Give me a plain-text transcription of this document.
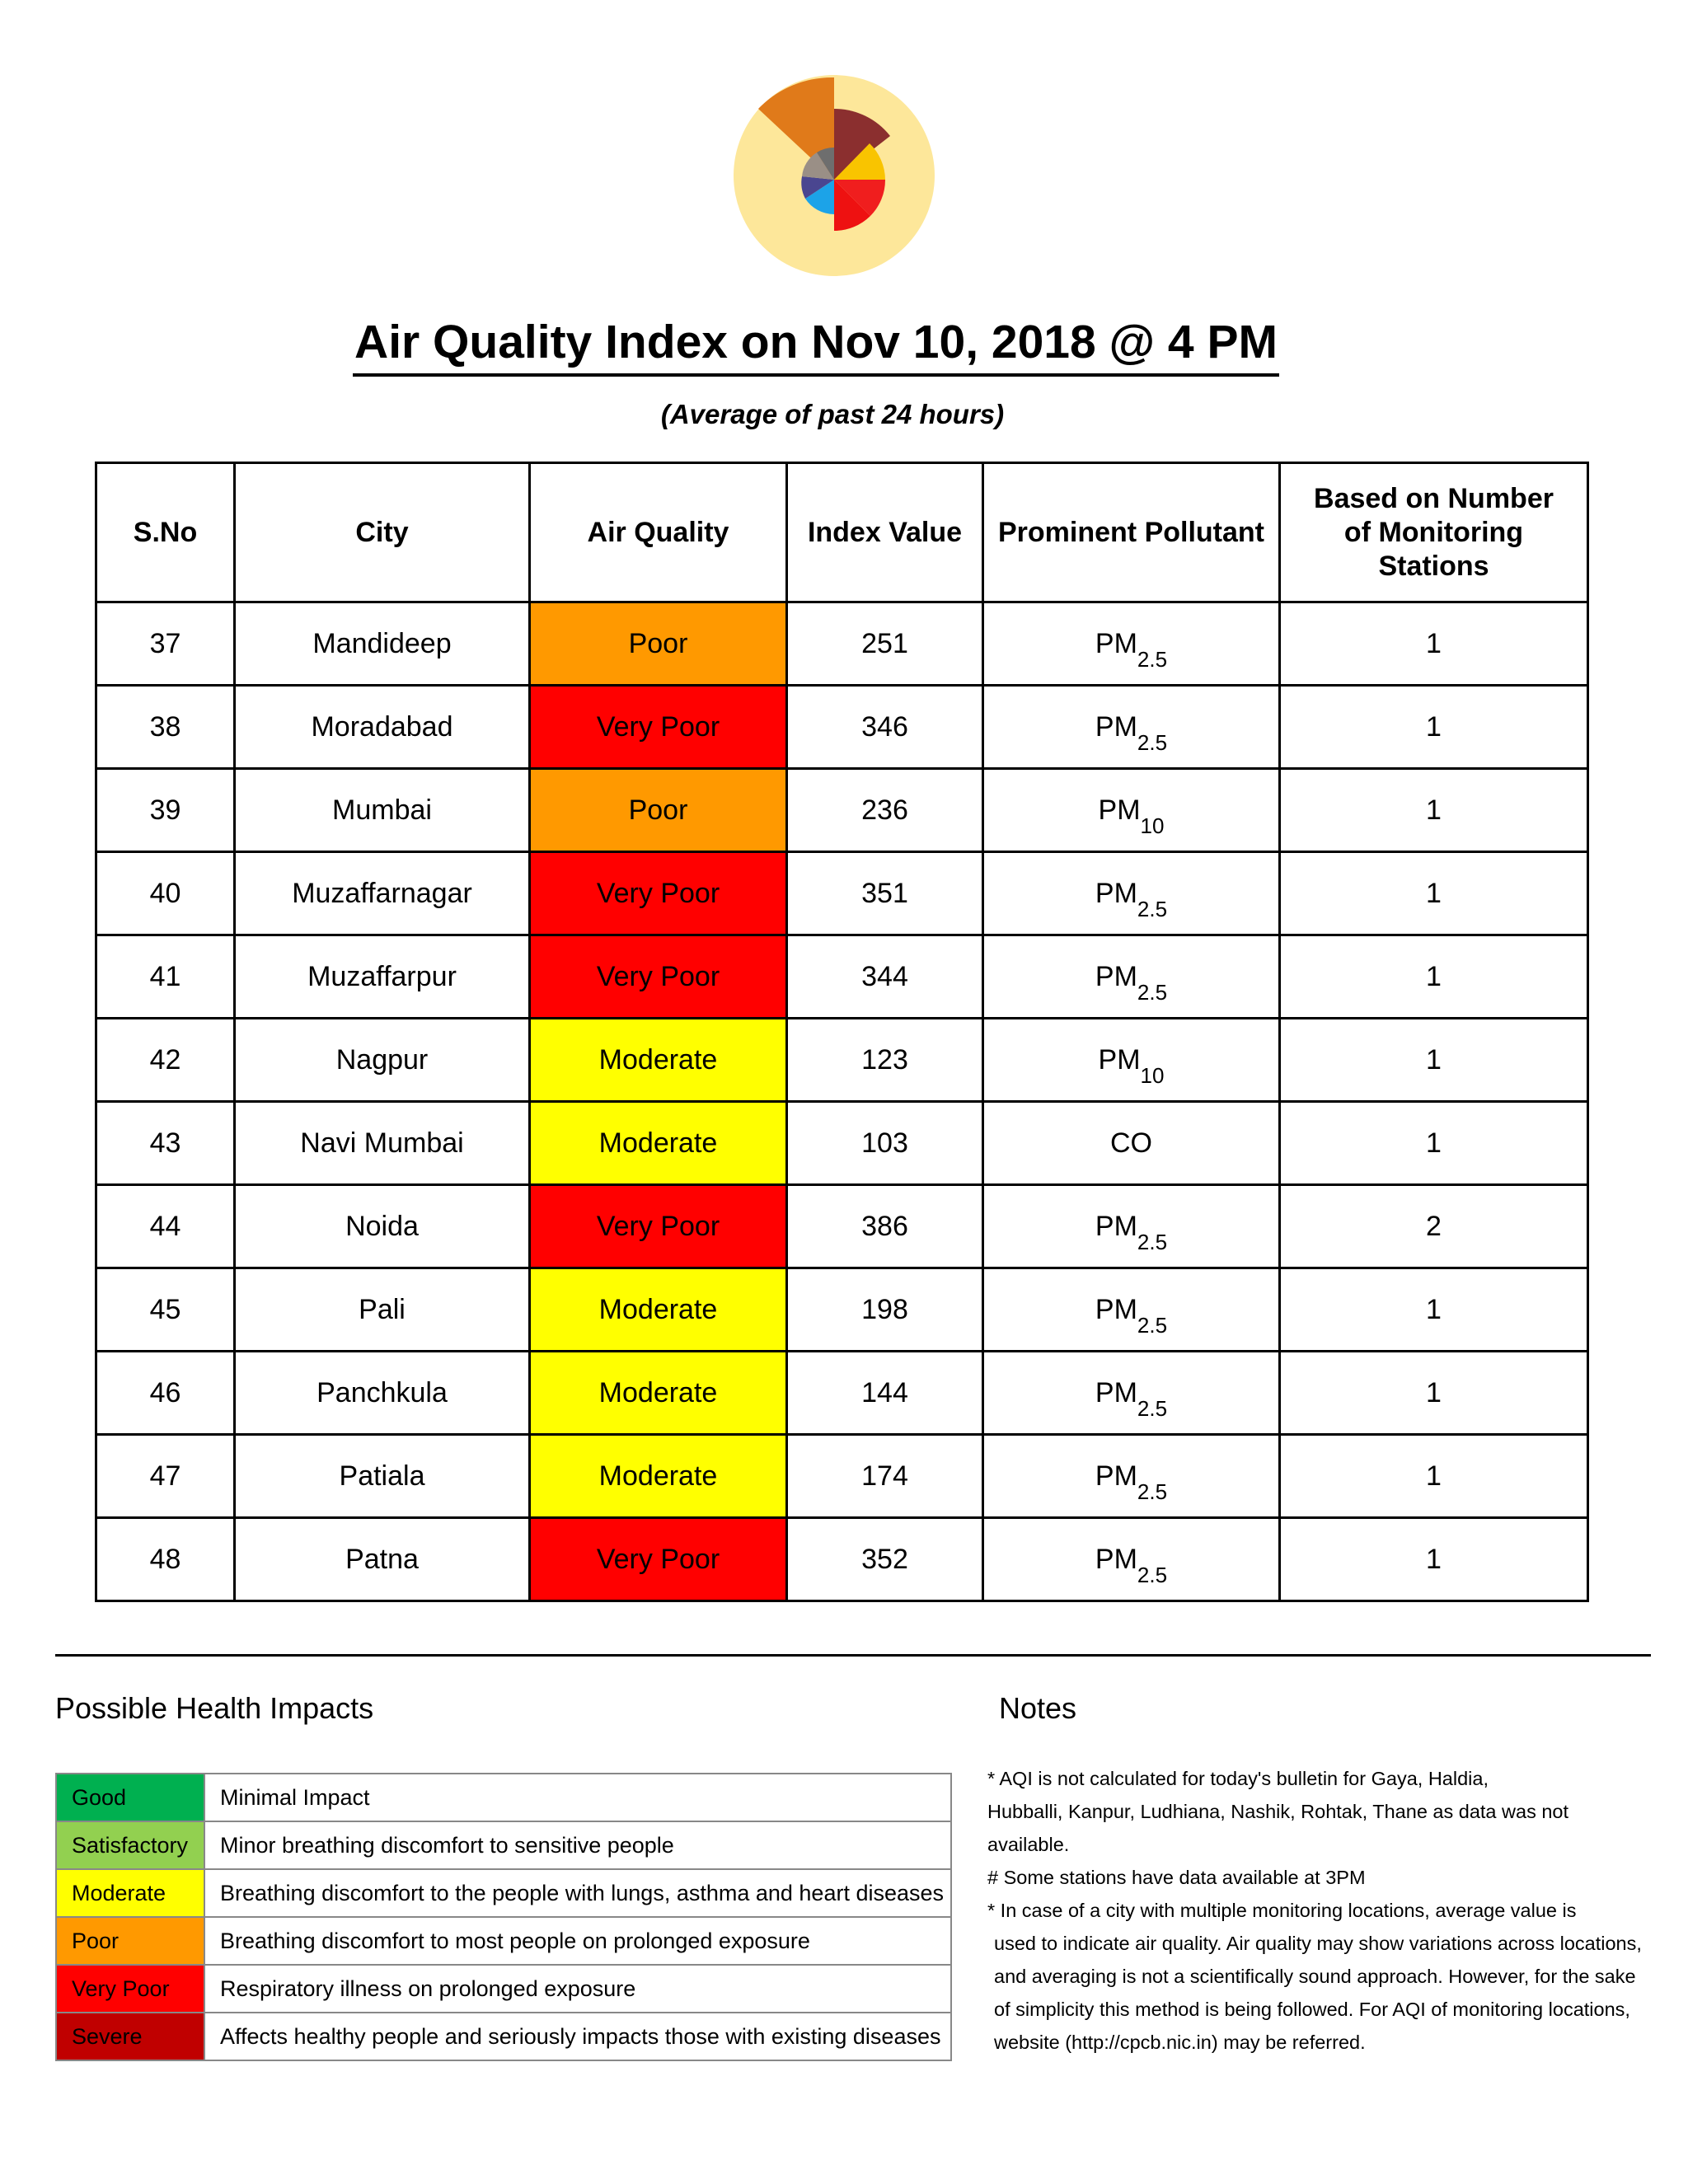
Air Quality Index on Nov 10, 2018 @ 4 PM
(Average of past 24 hours)
S.No	City	Air Quality	Index Value	Prominent Pollutant	Based on Number of Monitoring Stations
37	Mandideep	Poor	251	$PM_{2.5}$	1
38	Moradabad	Very Poor	346	$PM_{2.5}$	1
39	Mumbai	Poor	236	$PM_{10}$	1
40	Muzaffarnagar	Very Poor	351	$PM_{2.5}$	1
41	Muzaffarpur	Very Poor	344	$PM_{2.5}$	1
42	Nagpur	Moderate	123	$PM_{10}$	1
43	Navi Mumbai	Moderate	103	CO	1
44	Noida	Very Poor	386	$PM_{2.5}$	2
45	Pali	Moderate	198	$PM_{2.5}$	1
46	Panchkula	Moderate	144	$PM_{2.5}$	1
47	Patiala	Moderate	174	$PM_{2.5}$	1
48	Patna	Very Poor	352	$PM_{2.5}$	1
Possible Health Impacts	Notes
Good	Minimal Impact
Satisfactory	Minor breathing discomfort to sensitive people
Moderate	Breathing discomfort to the people with lungs, asthma and heart diseases
Poor	Breathing discomfort to most people on prolonged exposure
Very Poor	Respiratory illness on prolonged exposure
Severe	Affects healthy people and seriously impacts those with existing diseases
* AQI is not calculated for today's bulletin for Gaya, Haldia,
Hubballi, Kanpur, Ludhiana, Nashik, Rohtak, Thane as data was not
available.
# Some stations have data available at 3PM
* In case of a city with multiple monitoring locations, average value is
used to indicate air quality. Air quality may show variations across locations,
and averaging is not a scientifically sound approach. However, for the sake
of simplicity this method is being followed. For AQI of monitoring locations,
website (http://cpcb.nic.in) may be referred.
